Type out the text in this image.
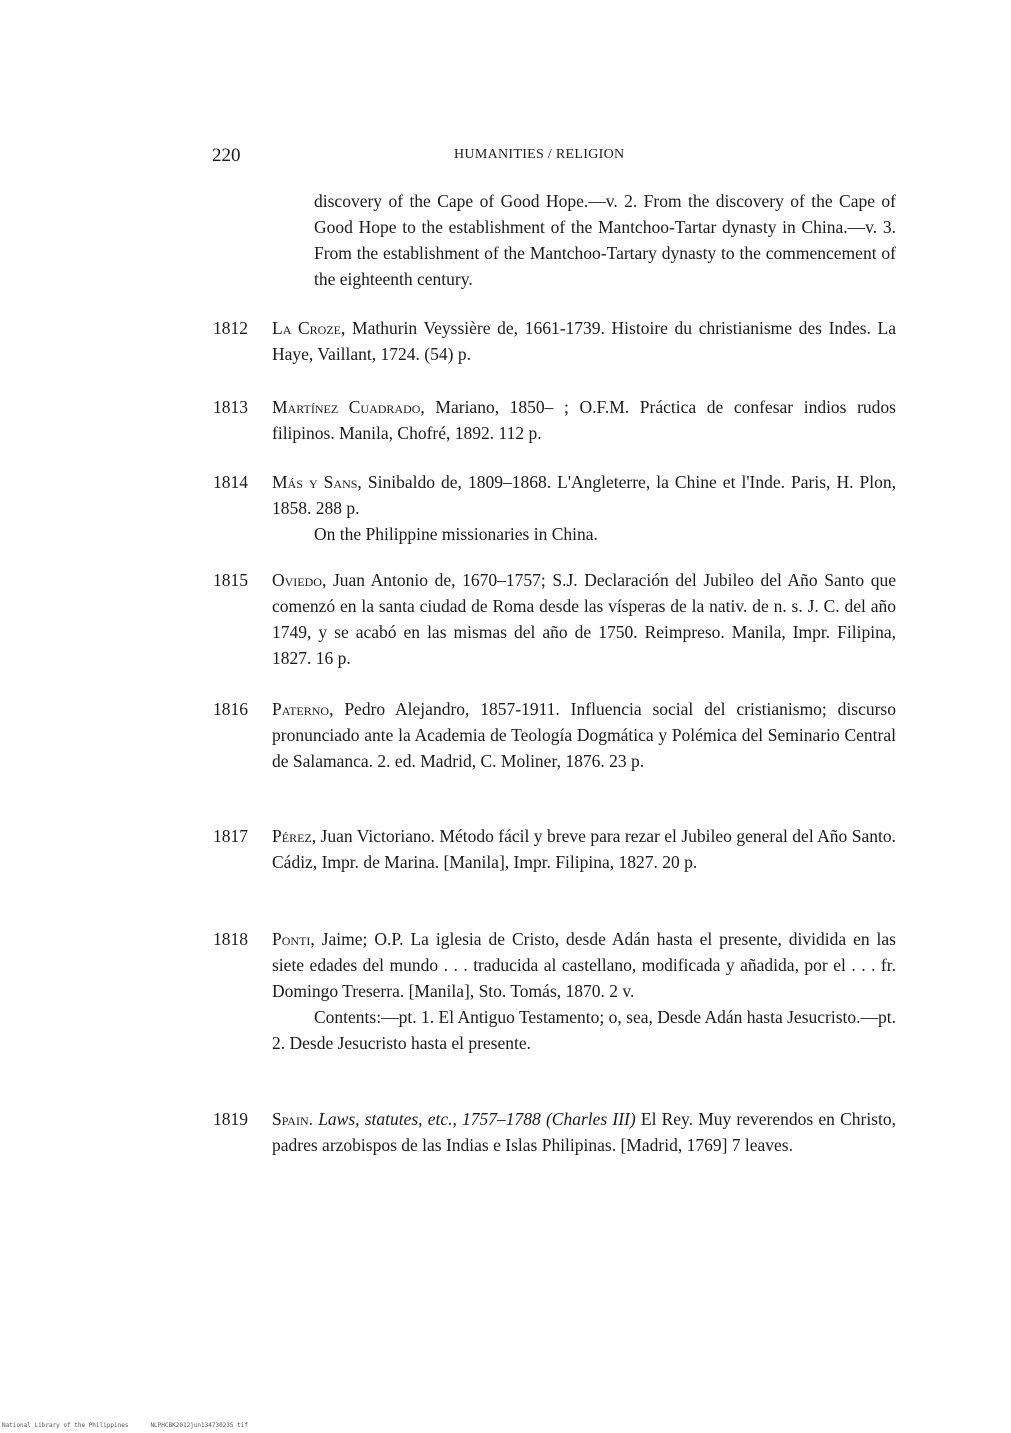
220	HUMANITIES / RELIGION
discovery of the Cape of Good Hope.—v. 2. From the discovery of the Cape of Good Hope to the establishment of the Mantchoo-Tartar dynasty in China.—v. 3. From the establishment of the Mantchoo-Tartary dynasty to the commencement of the eighteenth century.
1812	La Croze, Mathurin Veyssière de, 1661-1739. Histoire du christianisme des Indes. La Haye, Vaillant, 1724. (54) p.
1813	Martínez Cuadrado, Mariano, 1850– ; O.F.M. Práctica de confesar indios rudos filipinos. Manila, Chofré, 1892. 112 p.
1814	Más y Sans, Sinibaldo de, 1809–1868. L'Angleterre, la Chine et l'Inde. Paris, H. Plon, 1858. 288 p.
On the Philippine missionaries in China.
1815	Oviedo, Juan Antonio de, 1670–1757; S.J. Declaración del Jubileo del Año Santo que comenzó en la santa ciudad de Roma desde las vísperas de la nativ. de n. s. J. C. del año 1749, y se acabó en las mismas del año de 1750. Reimpreso. Manila, Impr. Filipina, 1827. 16 p.
1816	Paterno, Pedro Alejandro, 1857-1911. Influencia social del cristianismo; discurso pronunciado ante la Academia de Teología Dogmática y Polémica del Seminario Central de Salamanca. 2. ed. Madrid, C. Moliner, 1876. 23 p.
1817	Pérez, Juan Victoriano. Método fácil y breve para rezar el Jubileo general del Año Santo. Cádiz, Impr. de Marina. [Manila], Impr. Filipina, 1827. 20 p.
1818	Ponti, Jaime; O.P. La iglesia de Cristo, desde Adán hasta el presente, dividida en las siete edades del mundo . . . traducida al castellano, modificada y añadida, por el . . . fr. Domingo Treserra. [Manila], Sto. Tomás, 1870. 2 v.
Contents:—pt. 1. El Antiguo Testamento; o, sea, Desde Adán hasta Jesucristo.—pt. 2. Desde Jesucristo hasta el presente.
1819	Spain. Laws, statutes, etc., 1757–1788 (Charles III) El Rey. Muy reverendos en Christo, padres arzobispos de las Indias e Islas Philipinas. [Madrid, 1769] 7 leaves.
National Library of the Philippines	NLPHCBK2012jun134730235 tif
